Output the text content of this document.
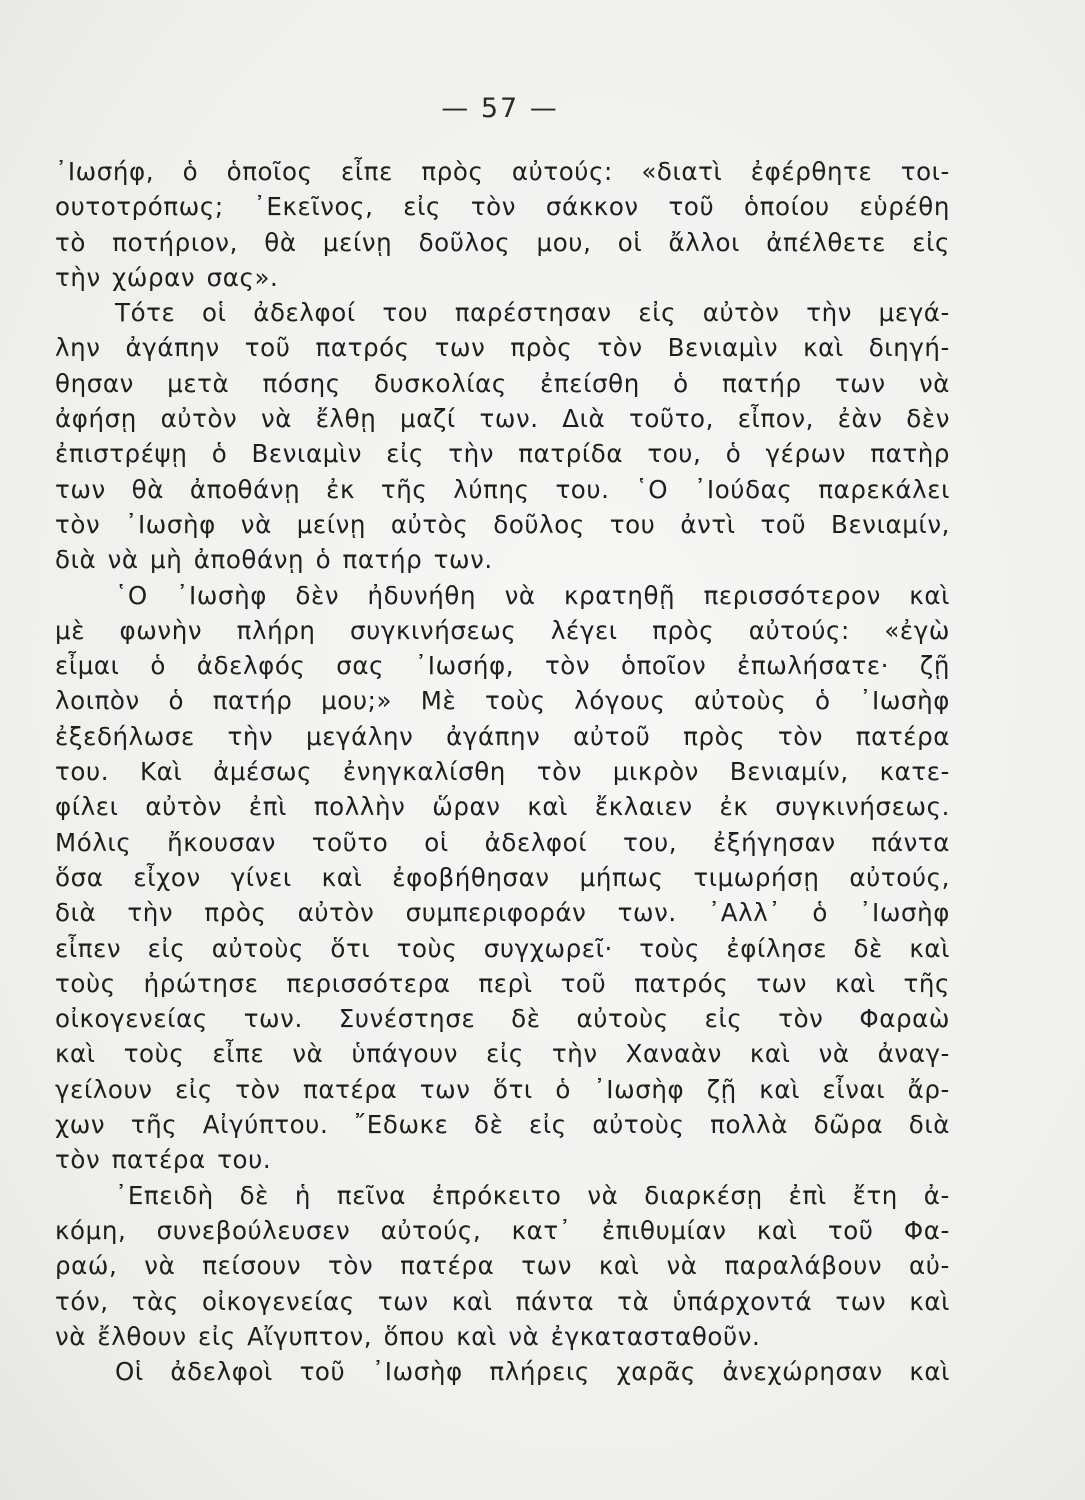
— 57 —
᾿Ιωσήφ, ὁ ὁποῖος εἶπε πρὸς αὐτούς: «διατὶ ἐφέρθητε τοι-
ουτοτρόπως; ᾿Εκεῖνος, εἰς τὸν σάκκον τοῦ ὁποίου εὑρέθη
τὸ ποτήριον, θὰ μείνῃ δοῦλος μου, οἱ ἄλλοι ἀπέλθετε εἰς
τὴν χώραν σας».
Τότε οἱ ἀδελφοί του παρέστησαν εἰς αὐτὸν τὴν μεγά-
λην ἀγάπην τοῦ πατρός των πρὸς τὸν Βενιαμὶν καὶ διηγή-
θησαν μετὰ πόσης δυσκολίας ἐπείσθη ὁ πατήρ των νὰ
ἀφήσῃ αὐτὸν νὰ ἔλθῃ μαζί των. Διὰ τοῦτο, εἶπον, ἐὰν δὲν
ἐπιστρέψῃ ὁ Βενιαμὶν εἰς τὴν πατρίδα του, ὁ γέρων πατὴρ
των θὰ ἀποθάνῃ ἐκ τῆς λύπης του. ῾Ο ᾿Ιούδας παρεκάλει
τὸν ᾿Ιωσὴφ νὰ μείνῃ αὐτὸς δοῦλος του ἀντὶ τοῦ Βενιαμίν,
διὰ νὰ μὴ ἀποθάνῃ ὁ πατήρ των.
῾Ο ᾿Ιωσὴφ δὲν ἠδυνήθη νὰ κρατηθῇ περισσότερον καὶ
μὲ φωνὴν πλήρη συγκινήσεως λέγει πρὸς αὐτούς: «ἐγὼ
εἶμαι ὁ ἀδελφός σας ᾿Ιωσήφ, τὸν ὁποῖον ἐπωλήσατε· ζῇ
λοιπὸν ὁ πατήρ μου;» Μὲ τοὺς λόγους αὐτοὺς ὁ ᾿Ιωσὴφ
ἐξεδήλωσε τὴν μεγάλην ἀγάπην αὐτοῦ πρὸς τὸν πατέρα
του. Καὶ ἀμέσως ἐνηγκαλίσθη τὸν μικρὸν Βενιαμίν, κατε-
φίλει αὐτὸν ἐπὶ πολλὴν ὥραν καὶ ἔκλαιεν ἐκ συγκινήσεως.
Μόλις ἤκουσαν τοῦτο οἱ ἀδελφοί του, ἐξήγησαν πάντα
ὅσα εἶχον γίνει καὶ ἐφοβήθησαν μήπως τιμωρήσῃ αὐτούς,
διὰ τὴν πρὸς αὐτὸν συμπεριφοράν των. ᾿Αλλ᾿ ὁ ᾿Ιωσὴφ
εἶπεν εἰς αὐτοὺς ὅτι τοὺς συγχωρεῖ· τοὺς ἐφίλησε δὲ καὶ
τοὺς ἠρώτησε περισσότερα περὶ τοῦ πατρός των καὶ τῆς
οἰκογενείας των. Συνέστησε δὲ αὐτοὺς εἰς τὸν Φαραὼ
καὶ τοὺς εἶπε νὰ ὑπάγουν εἰς τὴν Χαναὰν καὶ νὰ ἀναγ-
γείλουν εἰς τὸν πατέρα των ὅτι ὁ ᾿Ιωσὴφ ζῇ καὶ εἶναι ἄρ-
χων τῆς Αἰγύπτου. ῎Εδωκε δὲ εἰς αὐτοὺς πολλὰ δῶρα διὰ
τὸν πατέρα του.
᾿Επειδὴ δὲ ἡ πεῖνα ἐπρόκειτο νὰ διαρκέσῃ ἐπὶ ἔτη ἀ-
κόμη, συνεβούλευσεν αὐτούς, κατ᾿ ἐπιθυμίαν καὶ τοῦ Φα-
ραώ, νὰ πείσουν τὸν πατέρα των καὶ νὰ παραλάβουν αὐ-
τόν, τὰς οἰκογενείας των καὶ πάντα τὰ ὑπάρχοντά των καὶ
νὰ ἔλθουν εἰς Αἴγυπτον, ὅπου καὶ νὰ ἐγκατασταθοῦν.
Οἱ ἀδελφοὶ τοῦ ᾿Ιωσὴφ πλήρεις χαρᾶς ἀνεχώρησαν καὶ
